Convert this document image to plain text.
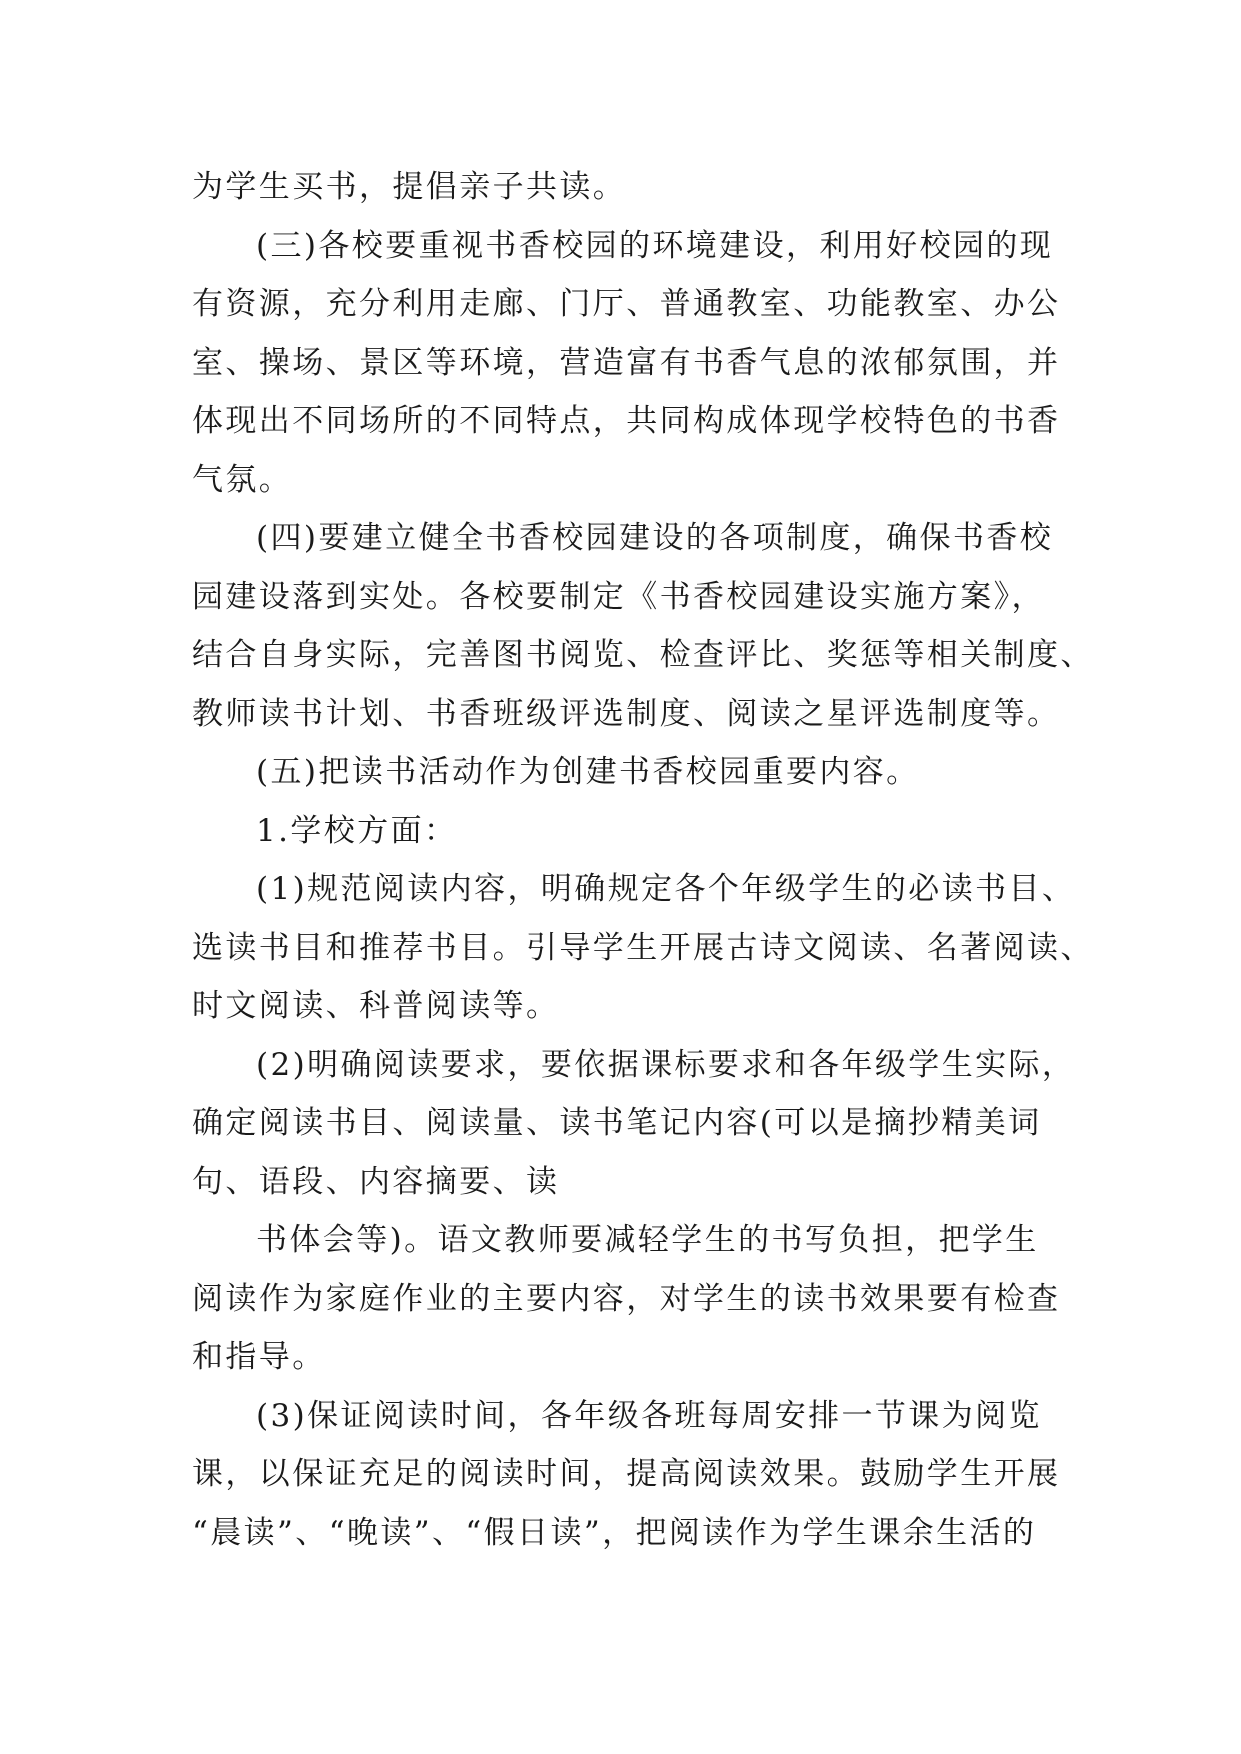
为学生买书，提倡亲子共读。
(三)各校要重视书香校园的环境建设，利用好校园的现
有资源，充分利用走廊、门厅、普通教室、功能教室、办公
室、操场、景区等环境，营造富有书香气息的浓郁氛围，并
体现出不同场所的不同特点，共同构成体现学校特色的书香
气氛。
(四)要建立健全书香校园建设的各项制度，确保书香校
园建设落到实处。各校要制定《书香校园建设实施方案》，
结合自身实际，完善图书阅览、检查评比、奖惩等相关制度、
教师读书计划、书香班级评选制度、阅读之星评选制度等。
(五)把读书活动作为创建书香校园重要内容。
1.学校方面：
(1)规范阅读内容，明确规定各个年级学生的必读书目、
选读书目和推荐书目。引导学生开展古诗文阅读、名著阅读、
时文阅读、科普阅读等。
(2)明确阅读要求，要依据课标要求和各年级学生实际，
确定阅读书目、阅读量、读书笔记内容(可以是摘抄精美词
句、语段、内容摘要、读
书体会等)。语文教师要减轻学生的书写负担，把学生
阅读作为家庭作业的主要内容，对学生的读书效果要有检查
和指导。
(3)保证阅读时间，各年级各班每周安排一节课为阅览
课，以保证充足的阅读时间，提高阅读效果。鼓励学生开展
“晨读”、“晚读”、“假日读”，把阅读作为学生课余生活的
